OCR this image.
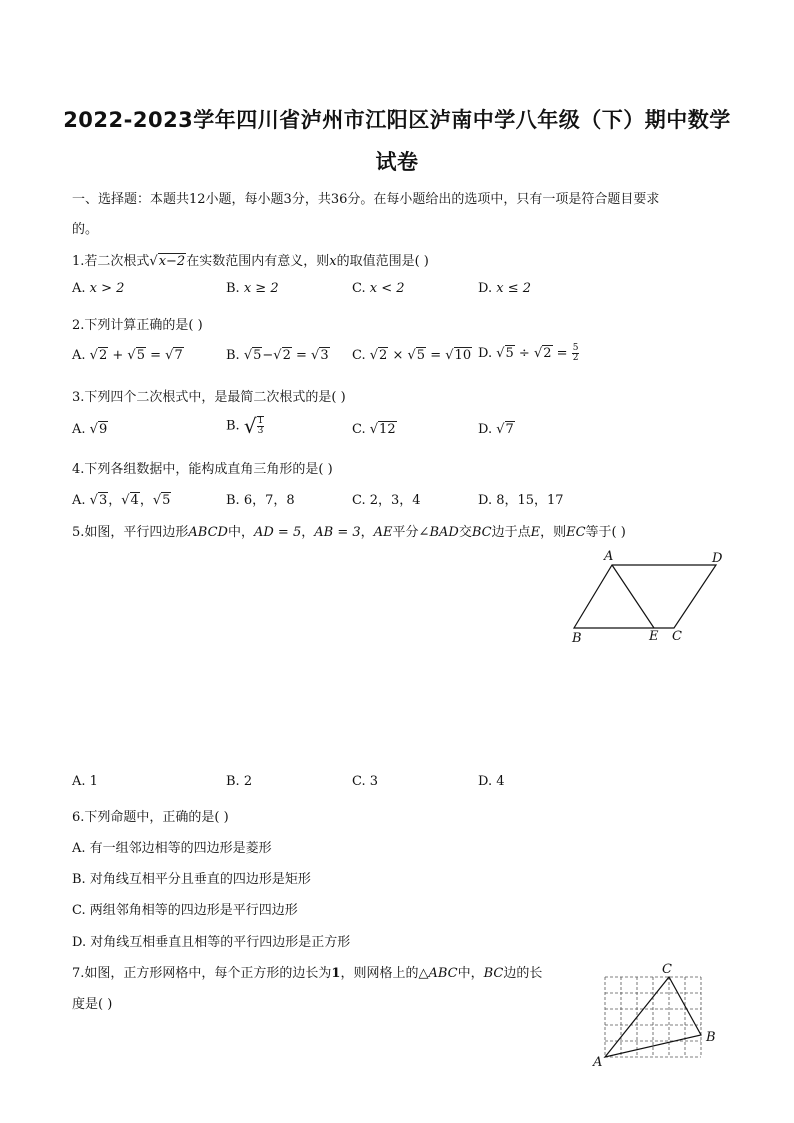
2022-2023学年四川省泸州市江阳区泸南中学八年级（下）期中数学
试卷
一、选择题：本题共12小题，每小题3分，共36分。在每小题给出的选项中，只有一项是符合题目要求
的。
1.若二次根式√x−2在实数范围内有意义，则x的取值范围是( )
A. x > 2	B. x ≥ 2	C. x < 2	D. x ≤ 2
2.下列计算正确的是( )
A. √2 + √5 = √7	B. √5−√2 = √3 C. √2 × √5 = √10 D. $√5 \div √2 = \frac{5}{2}$
3.下列四个二次根式中，是最简二次根式的是( )
A. √9	B. √ $\frac{1}{3}$	C. √12	D. √7
4.下列各组数据中，能构成直角三角形的是( )
A. √3，√4，√5	B. 6，7，8	C. 2，3，4	D. 8，15，17
5.如图，平行四边形ABCD中，AD = 5，AB = 3，AE平分∠BAD交BC边于点E，则EC等于( )
A	D
B	E C
A. 1	B. 2	C. 3	D. 4
6.下列命题中，正确的是( )
A. 有一组邻边相等的四边形是菱形
B. 对角线互相平分且垂直的四边形是矩形
C. 两组邻角相等的四边形是平行四边形
D. 对角线互相垂直且相等的平行四边形是正方形
7.如图，正方形网格中，每个正方形的边长为1，则网格上的△ABC中，BC边的长
度是( )
C
B
A
